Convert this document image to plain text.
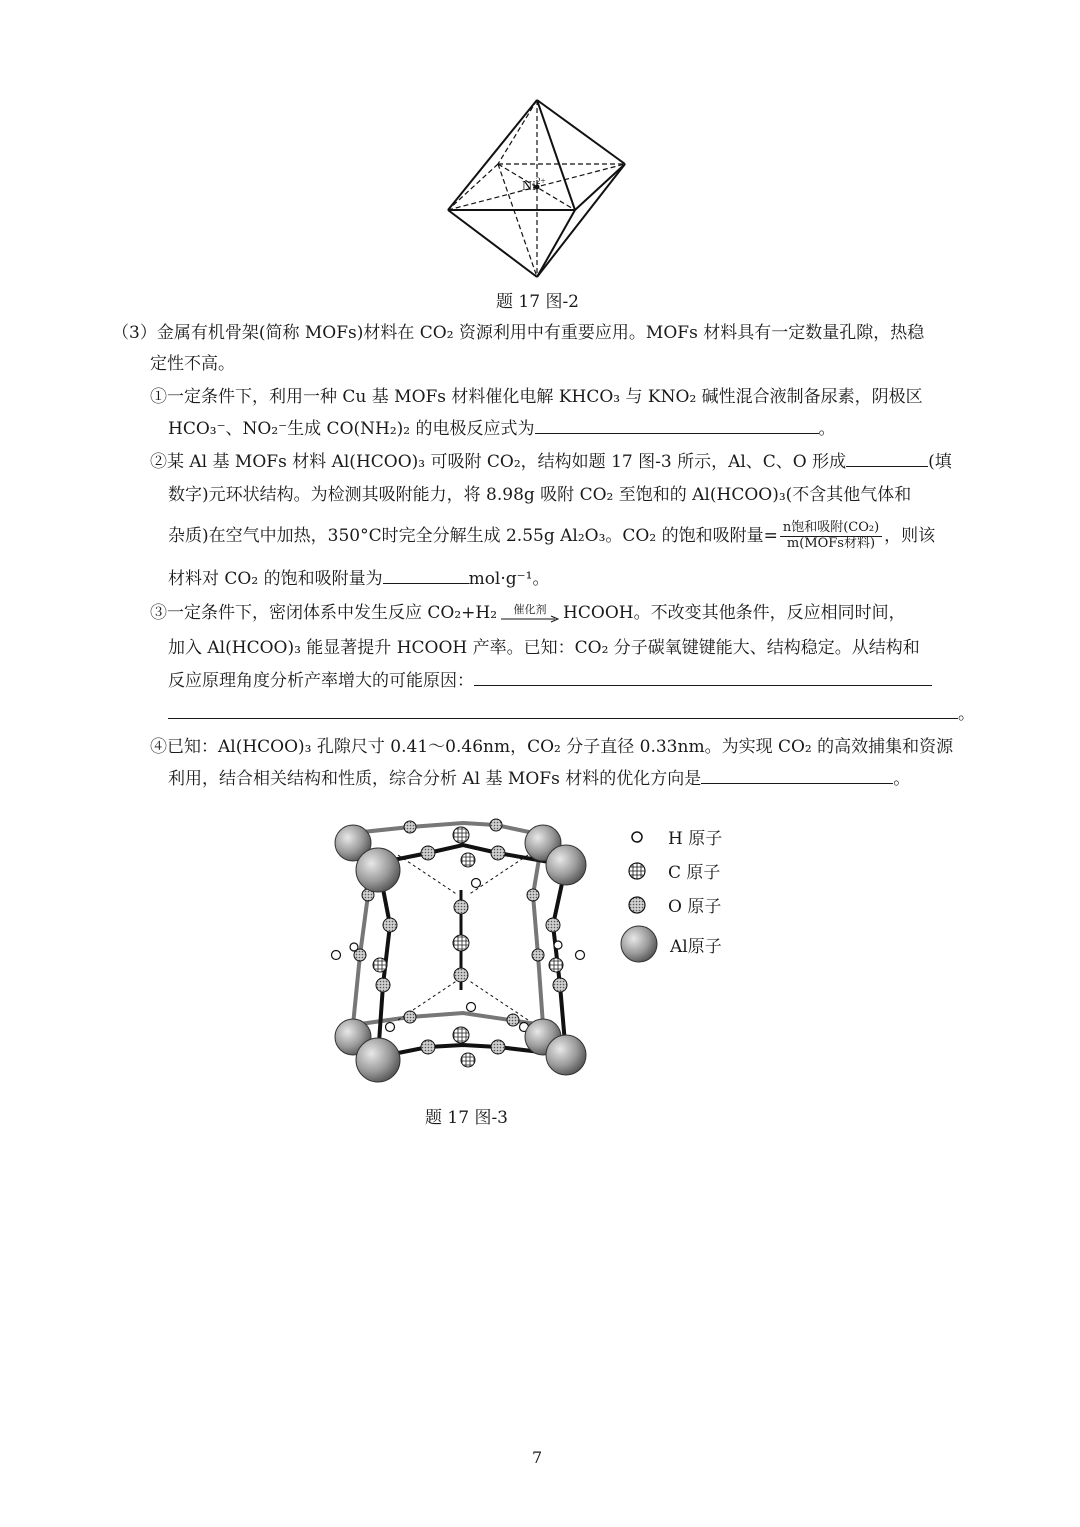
$Ni^{2+}$
题 17 图-2
（3）金属有机骨架(简称 MOFs)材料在 CO₂ 资源利用中有重要应用。MOFs 材料具有一定数量孔隙，热稳
定性不高。
①一定条件下，利用一种 Cu 基 MOFs 材料催化电解 KHCO₃ 与 KNO₂ 碱性混合液制备尿素，阴极区
HCO₃⁻、NO₂⁻生成 CO(NH₂)₂ 的电极反应式为	。
②某 Al 基 MOFs 材料 Al(HCOO)₃ 可吸附 CO₂，结构如题 17 图-3 所示，Al、C、O 形成	(填
数字)元环状结构。为检测其吸附能力，将 8.98g 吸附 CO₂ 至饱和的 Al(HCOO)₃(不含其他气体和
杂质)在空气中加热，350°C时完全分解生成 2.55g Al₂O₃。CO₂ 的饱和吸附量= $\frac{\text{n饱和吸附(CO₂)}}{\text{m(MOFs材料)}}$ ，则该
材料对 CO₂ 的饱和吸附量为	mol·g⁻¹。
③一定条件下，密闭体系中发生反应 CO₂+H₂ 催化剂 HCOOH。不改变其他条件，反应相同时间，
加入 Al(HCOO)₃ 能显著提升 HCOOH 产率。已知：CO₂ 分子碳氧键键能大、结构稳定。从结构和
反应原理角度分析产率增大的可能原因：
。
④已知：Al(HCOO)₃ 孔隙尺寸 0.41～0.46nm，CO₂ 分子直径 0.33nm。为实现 CO₂ 的高效捕集和资源
利用，结合相关结构和性质，综合分析 Al 基 MOFs 材料的优化方向是	。
H 原子
C 原子
O 原子
Al原子
题 17 图-3
7
